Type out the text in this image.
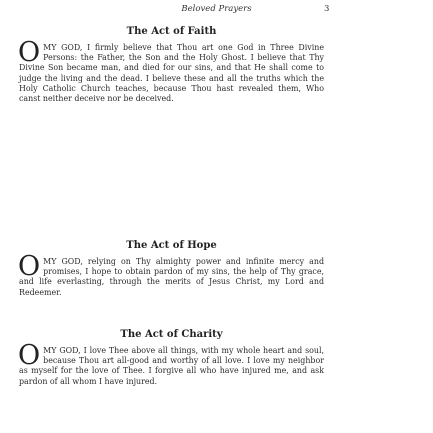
Beloved Prayers	3
The Act of Faith
OMY GOD, I firmly believe that Thou art one God in Three Divine Persons: the Father, the Son and the Holy Ghost. I believe that Thy Divine Son became man, and died for our sins, and that He shall come to judge the living and the dead. I believe these and all the truths which the Holy Catholic Church teaches, because Thou hast revealed them, Who canst neither deceive nor be deceived.
The Act of Hope
OMY GOD, relying on Thy almighty power and infinite mercy and promises, I hope to obtain pardon of my sins, the help of Thy grace, and life everlasting, through the merits of Jesus Christ, my Lord and Redeemer.
The Act of Charity
OMY GOD, I love Thee above all things, with my whole heart and soul, because Thou art all-good and worthy of all love. I love my neighbor as myself for the love of Thee. I forgive all who have injured me, and ask pardon of all whom I have injured.
